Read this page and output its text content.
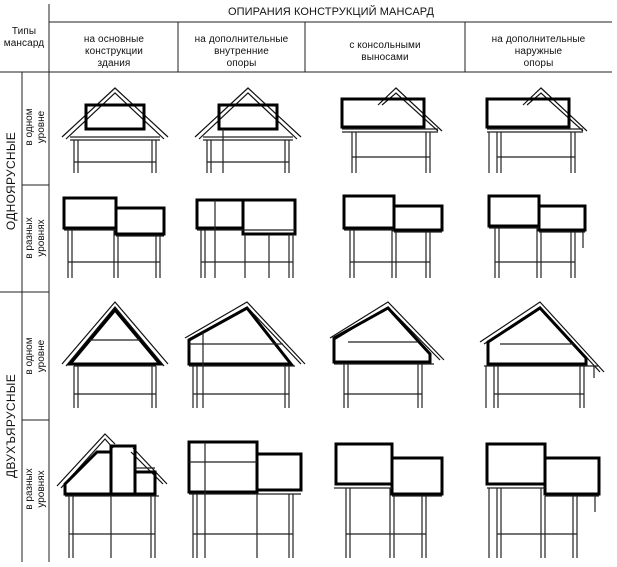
Типы
мансард
ОПИРАНИЯ КОНСТРУКЦИЙ МАНСАРД
на основные
конструкции
здания
на дополнительные
внутренние
опоры
с консольными
выносами
на дополнительные
наружные
опоры
ОДНОЯРУСНЫЕ
ДВУХЪЯРУСНЫЕ
в одном
уровне
в разных
уровнях
в одном
уровне
в разных
уровнях
